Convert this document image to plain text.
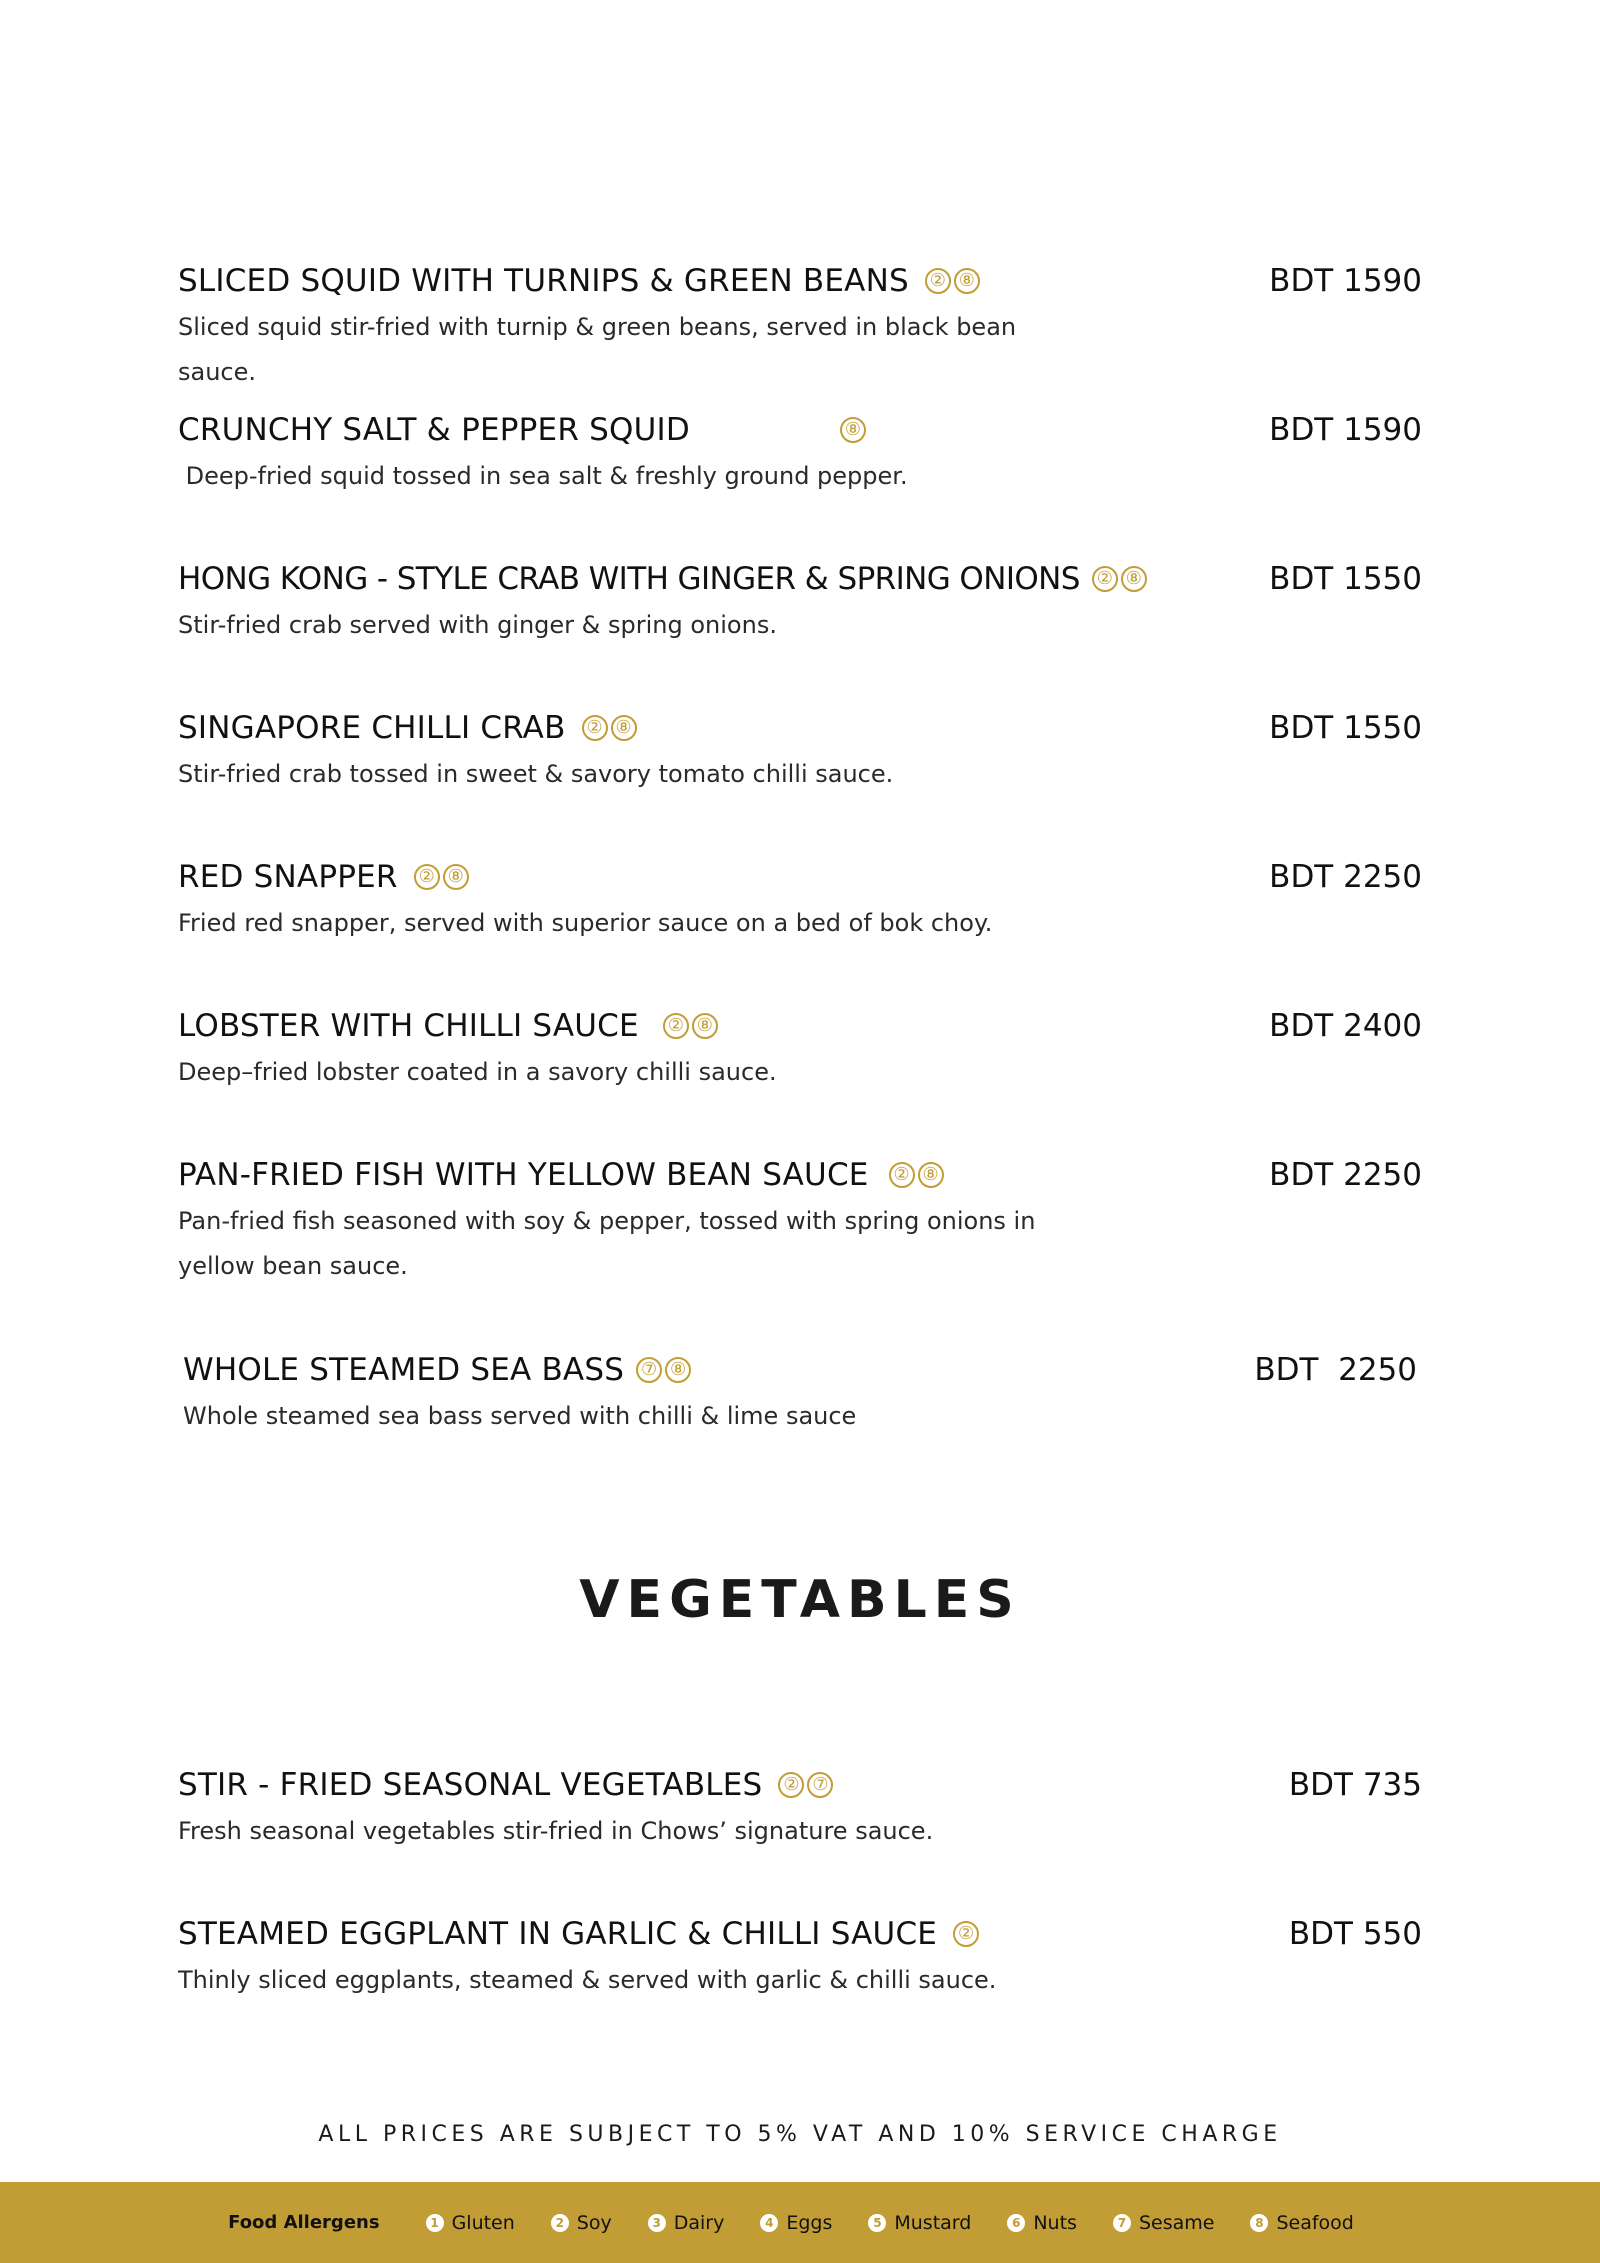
SLICED SQUID WITH TURNIPS & GREEN BEANS ② ⑧	BDT 1590
Sliced squid stir-fried with turnip & green beans, served in black bean sauce.
CRUNCHY SALT & PEPPER SQUID	⑧	BDT 1590
Deep-fried squid tossed in sea salt & freshly ground pepper.
HONG KONG - STYLE CRAB WITH GINGER & SPRING ONIONS ② ⑧	BDT 1550
Stir-fried crab served with ginger & spring onions.
SINGAPORE CHILLI CRAB ② ⑧	BDT 1550
Stir-fried crab tossed in sweet & savory tomato chilli sauce.
RED SNAPPER ② ⑧	BDT 2250
Fried red snapper, served with superior sauce on a bed of bok choy.
LOBSTER WITH CHILLI SAUCE ② ⑧	BDT 2400
Deep–fried lobster coated in a savory chilli sauce.
PAN-FRIED FISH WITH YELLOW BEAN SAUCE ② ⑧	BDT 2250
Pan-fried fish seasoned with soy & pepper, tossed with spring onions in yellow bean sauce.
WHOLE STEAMED SEA BASS ⑦ ⑧	BDT  2250
Whole steamed sea bass served with chilli & lime sauce
VEGETABLES
STIR - FRIED SEASONAL VEGETABLES ② ⑦	BDT 735
Fresh seasonal vegetables stir-fried in Chows’ signature sauce.
STEAMED EGGPLANT IN GARLIC & CHILLI SAUCE ②	BDT 550
Thinly sliced eggplants, steamed & served with garlic & chilli sauce.
ALL PRICES ARE SUBJECT TO 5% VAT AND 10% SERVICE CHARGE
Food Allergens	1 Gluten	2 Soy	3 Dairy	4 Eggs	5 Mustard	6 Nuts	7 Sesame	8 Seafood
